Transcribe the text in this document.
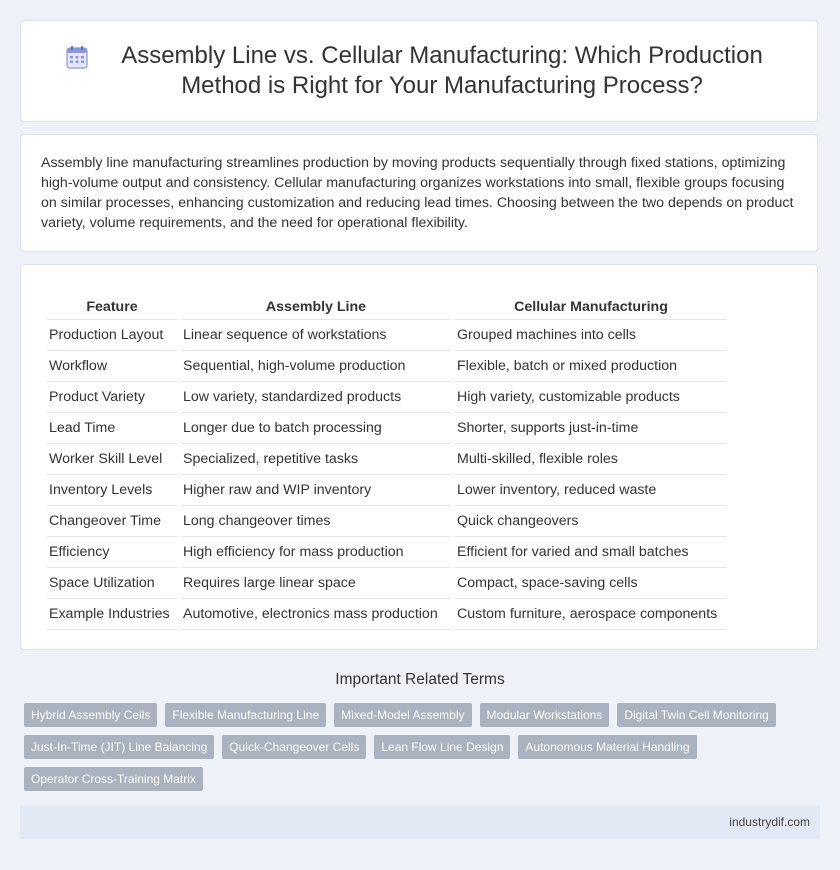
Assembly Line vs. Cellular Manufacturing: Which Production Method is Right for Your Manufacturing Process?

Assembly line manufacturing streamlines production by moving products sequentially through fixed stations, optimizing high-volume output and consistency. Cellular manufacturing organizes workstations into small, flexible groups focusing on similar processes, enhancing customization and reducing lead times. Choosing between the two depends on product variety, volume requirements, and the need for operational flexibility.

Feature	Assembly Line	Cellular Manufacturing
Production Layout	Linear sequence of workstations	Grouped machines into cells
Workflow	Sequential, high-volume production	Flexible, batch or mixed production
Product Variety	Low variety, standardized products	High variety, customizable products
Lead Time	Longer due to batch processing	Shorter, supports just-in-time
Worker Skill Level	Specialized, repetitive tasks	Multi-skilled, flexible roles
Inventory Levels	Higher raw and WIP inventory	Lower inventory, reduced waste
Changeover Time	Long changeover times	Quick changeovers
Efficiency	High efficiency for mass production	Efficient for varied and small batches
Space Utilization	Requires large linear space	Compact, space-saving cells
Example Industries	Automotive, electronics mass production	Custom furniture, aerospace components
Important Related Terms
Hybrid Assembly Cells	Flexible Manufacturing Line	Mixed-Model Assembly	Modular Workstations	Digital Twin Cell Monitoring
Just-In-Time (JIT) Line Balancing	Quick-Changeover Cells	Lean Flow Line Design	Autonomous Material Handling
Operator Cross-Training Matrix
industrydif.com
